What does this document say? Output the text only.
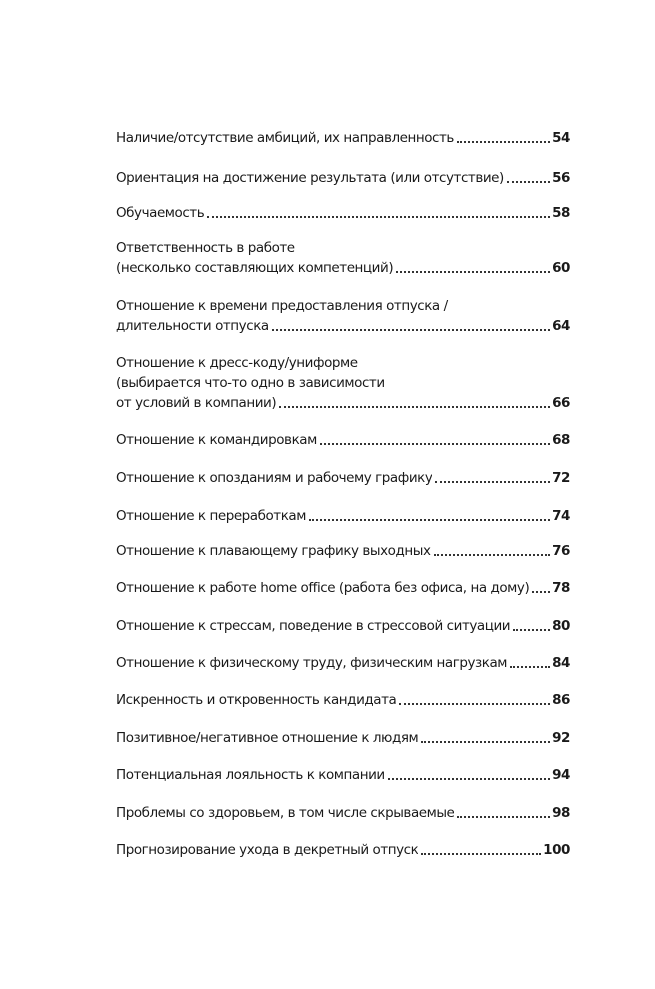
Наличие/отсутствие амбиций, их направленность	54
Ориентация на достижение результата (или отсутствие)	56
Обучаемость	58
Ответственность в работе
(несколько составляющих компетенций)	60
Отношение к времени предоставления отпуска /
длительности отпуска	64
Отношение к дресс-коду/униформе
(выбирается что-то одно в зависимости
от условий в компании)	66
Отношение к командировкам	68
Отношение к опозданиям и рабочему графику	72
Отношение к переработкам	74
Отношение к плавающему графику выходных	76
Отношение к работе home office (работа без офиса, на дому) 78
Отношение к стрессам, поведение в стрессовой ситуации	80
Отношение к физическому труду, физическим нагрузкам	84
Искренность и откровенность кандидата	86
Позитивное/негативное отношение к людям	92
Потенциальная лояльность к компании	94
Проблемы со здоровьем, в том числе скрываемые	98
Прогнозирование ухода в декретный отпуск	100
